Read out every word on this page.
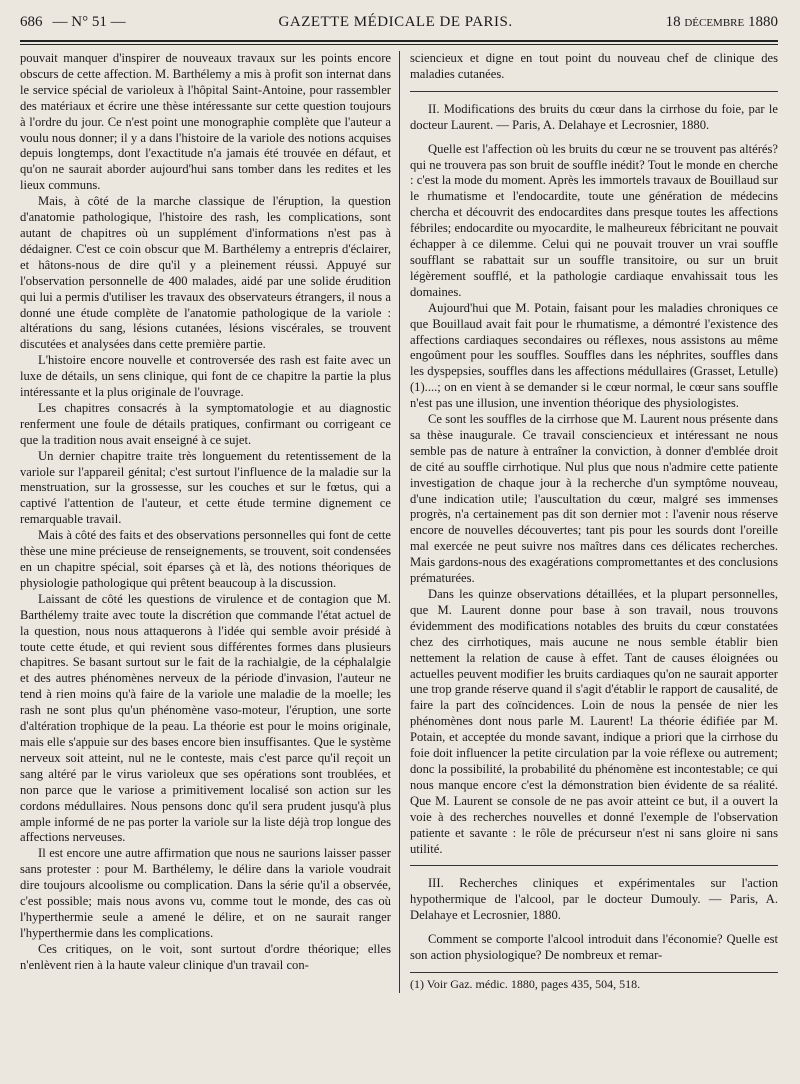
686 — N° 51 —	GAZETTE MÉDICALE DE PARIS.	18 DÉCEMBRE 1880

pouvait manquer d'inspirer de nouveaux travaux sur les points encore obscurs de cette affection. M. Barthélemy a mis à profit son internat dans le service spécial de varioleux à l'hôpital Saint-Antoine, pour rassembler des matériaux et écrire une thèse intéressante sur cette question toujours à l'ordre du jour. Ce n'est point une monographie complète que l'auteur a voulu nous donner; il y a dans l'histoire de la variole des notions acquises depuis longtemps, dont l'exactitude n'a jamais été trouvée en défaut, et qu'on ne saurait aborder aujourd'hui sans tomber dans les redites et les lieux communs.

Mais, à côté de la marche classique de l'éruption, la question d'anatomie pathologique, l'histoire des rash, les complications, sont autant de chapitres où un supplément d'informations n'est pas à dédaigner. C'est ce coin obscur que M. Barthélemy a entrepris d'éclairer, et hâtons-nous de dire qu'il y a pleinement réussi. Appuyé sur l'observation personnelle de 400 malades, aidé par une solide érudition qui lui a permis d'utiliser les travaux des observateurs étrangers, il nous a donné une étude complète de l'anatomie pathologique de la variole : altérations du sang, lésions cutanées, lésions viscérales, se trouvent discutées et analysées dans cette première partie.

L'histoire encore nouvelle et controversée des rash est faite avec un luxe de détails, un sens clinique, qui font de ce chapitre la partie la plus intéressante et la plus originale de l'ouvrage.

Les chapitres consacrés à la symptomatologie et au diagnostic renferment une foule de détails pratiques, confirmant ou corrigeant ce que la tradition nous avait enseigné à ce sujet.

Un dernier chapitre traite très longuement du retentissement de la variole sur l'appareil génital; c'est surtout l'influence de la maladie sur la menstruation, sur la grossesse, sur les couches et sur le fœtus, qui a captivé l'attention de l'auteur, et cette étude termine dignement ce remarquable travail.

Mais à côté des faits et des observations personnelles qui font de cette thèse une mine précieuse de renseignements, se trouvent, soit condensées en un chapitre spécial, soit éparses çà et là, des notions théoriques de physiologie pathologique qui prêtent beaucoup à la discussion.

Laissant de côté les questions de virulence et de contagion que M. Barthélemy traite avec toute la discrétion que commande l'état actuel de la question, nous nous attaquerons à l'idée qui semble avoir présidé à toute cette étude, et qui revient sous différentes formes dans plusieurs chapitres. Se basant surtout sur le fait de la rachialgie, de la céphalalgie et des autres phénomènes nerveux de la période d'invasion, l'auteur ne tend à rien moins qu'à faire de la variole une maladie de la moelle; les rash ne sont plus qu'un phénomène vaso-moteur, l'éruption, une sorte d'altération trophique de la peau. La théorie est pour le moins originale, mais elle s'appuie sur des bases encore bien insuffisantes. Que le système nerveux soit atteint, nul ne le conteste, mais c'est parce qu'il reçoit un sang altéré par le virus varioleux que ses opérations sont troublées, et non parce que le variose a primitivement localisé son action sur les cordons médullaires. Nous pensons donc qu'il sera prudent jusqu'à plus ample informé de ne pas porter la variole sur la liste déjà trop longue des affections nerveuses.

Il est encore une autre affirmation que nous ne saurions laisser passer sans protester : pour M. Barthélemy, le délire dans la variole voudrait dire toujours alcoolisme ou complication. Dans la série qu'il a observée, c'est possible; mais nous avons vu, comme tout le monde, des cas où l'hyperthermie seule a amené le délire, et on ne saurait ranger l'hyperthermie dans les complications.

Ces critiques, on le voit, sont surtout d'ordre théorique; elles n'enlèvent rien à la haute valeur clinique d'un travail con-

sciencieux et digne en tout point du nouveau chef de clinique des maladies cutanées.

II. Modifications des bruits du cœur dans la cirrhose du foie, par le docteur Laurent. — Paris, A. Delahaye et Lecrosnier, 1880.

Quelle est l'affection où les bruits du cœur ne se trouvent pas altérés? qui ne trouvera pas son bruit de souffle inédit? Tout le monde en cherche : c'est la mode du moment. Après les immortels travaux de Bouillaud sur le rhumatisme et l'endocardite, toute une génération de médecins chercha et découvrit des endocardites dans presque toutes les affections fébriles; endocardite ou myocardite, le malheureux fébricitant ne pouvait échapper à ce dilemme. Celui qui ne pouvait trouver un vrai souffle soufflant se rabattait sur un souffle transitoire, ou sur un bruit légèrement soufflé, et la pathologie cardiaque envahissait tous les domaines.

Aujourd'hui que M. Potain, faisant pour les maladies chroniques ce que Bouillaud avait fait pour le rhumatisme, a démontré l'existence des affections cardiaques secondaires ou réflexes, nous assistons au même engoûment pour les souffles. Souffles dans les néphrites, souffles dans les dyspepsies, souffles dans les affections médullaires (Grasset, Letulle) (1)....; on en vient à se demander si le cœur normal, le cœur sans souffle n'est pas une illusion, une invention théorique des physiologistes.

Ce sont les souffles de la cirrhose que M. Laurent nous présente dans sa thèse inaugurale. Ce travail consciencieux et intéressant ne nous semble pas de nature à entraîner la conviction, à donner d'emblée droit de cité au souffle cirrhotique. Nul plus que nous n'admire cette patiente investigation de chaque jour à la recherche d'un symptôme nouveau, d'une indication utile; l'auscultation du cœur, malgré ses immenses progrès, n'a certainement pas dit son dernier mot : l'avenir nous réserve encore de nouvelles découvertes; tant pis pour les sourds dont l'oreille mal exercée ne peut suivre nos maîtres dans ces délicates recherches. Mais gardons-nous des exagérations compromettantes et des conclusions prématurées.

Dans les quinze observations détaillées, et la plupart personnelles, que M. Laurent donne pour base à son travail, nous trouvons évidemment des modifications notables des bruits du cœur constatées chez des cirrhotiques, mais aucune ne nous semble établir bien nettement la relation de cause à effet. Tant de causes éloignées ou actuelles peuvent modifier les bruits cardiaques qu'on ne saurait apporter une trop grande réserve quand il s'agit d'établir le rapport de causalité, de faire la part des coïncidences. Loin de nous la pensée de nier les phénomènes dont nous parle M. Laurent! La théorie édifiée par M. Potain, et acceptée du monde savant, indique a priori que la cirrhose du foie doit influencer la petite circulation par la voie réflexe ou autrement; donc la possibilité, la probabilité du phénomène est incontestable; ce qui nous manque encore c'est la démonstration bien évidente de sa réalité. Que M. Laurent se console de ne pas avoir atteint ce but, il a ouvert la voie à des recherches nouvelles et donné l'exemple de l'observation patiente et savante : le rôle de précurseur n'est ni sans gloire ni sans utilité.

III. Recherches cliniques et expérimentales sur l'action hypothermique de l'alcool, par le docteur Dumouly. — Paris, A. Delahaye et Lecrosnier, 1880.

Comment se comporte l'alcool introduit dans l'économie? Quelle est son action physiologique? De nombreux et remar-

(1) Voir Gaz. médic. 1880, pages 435, 504, 518.
